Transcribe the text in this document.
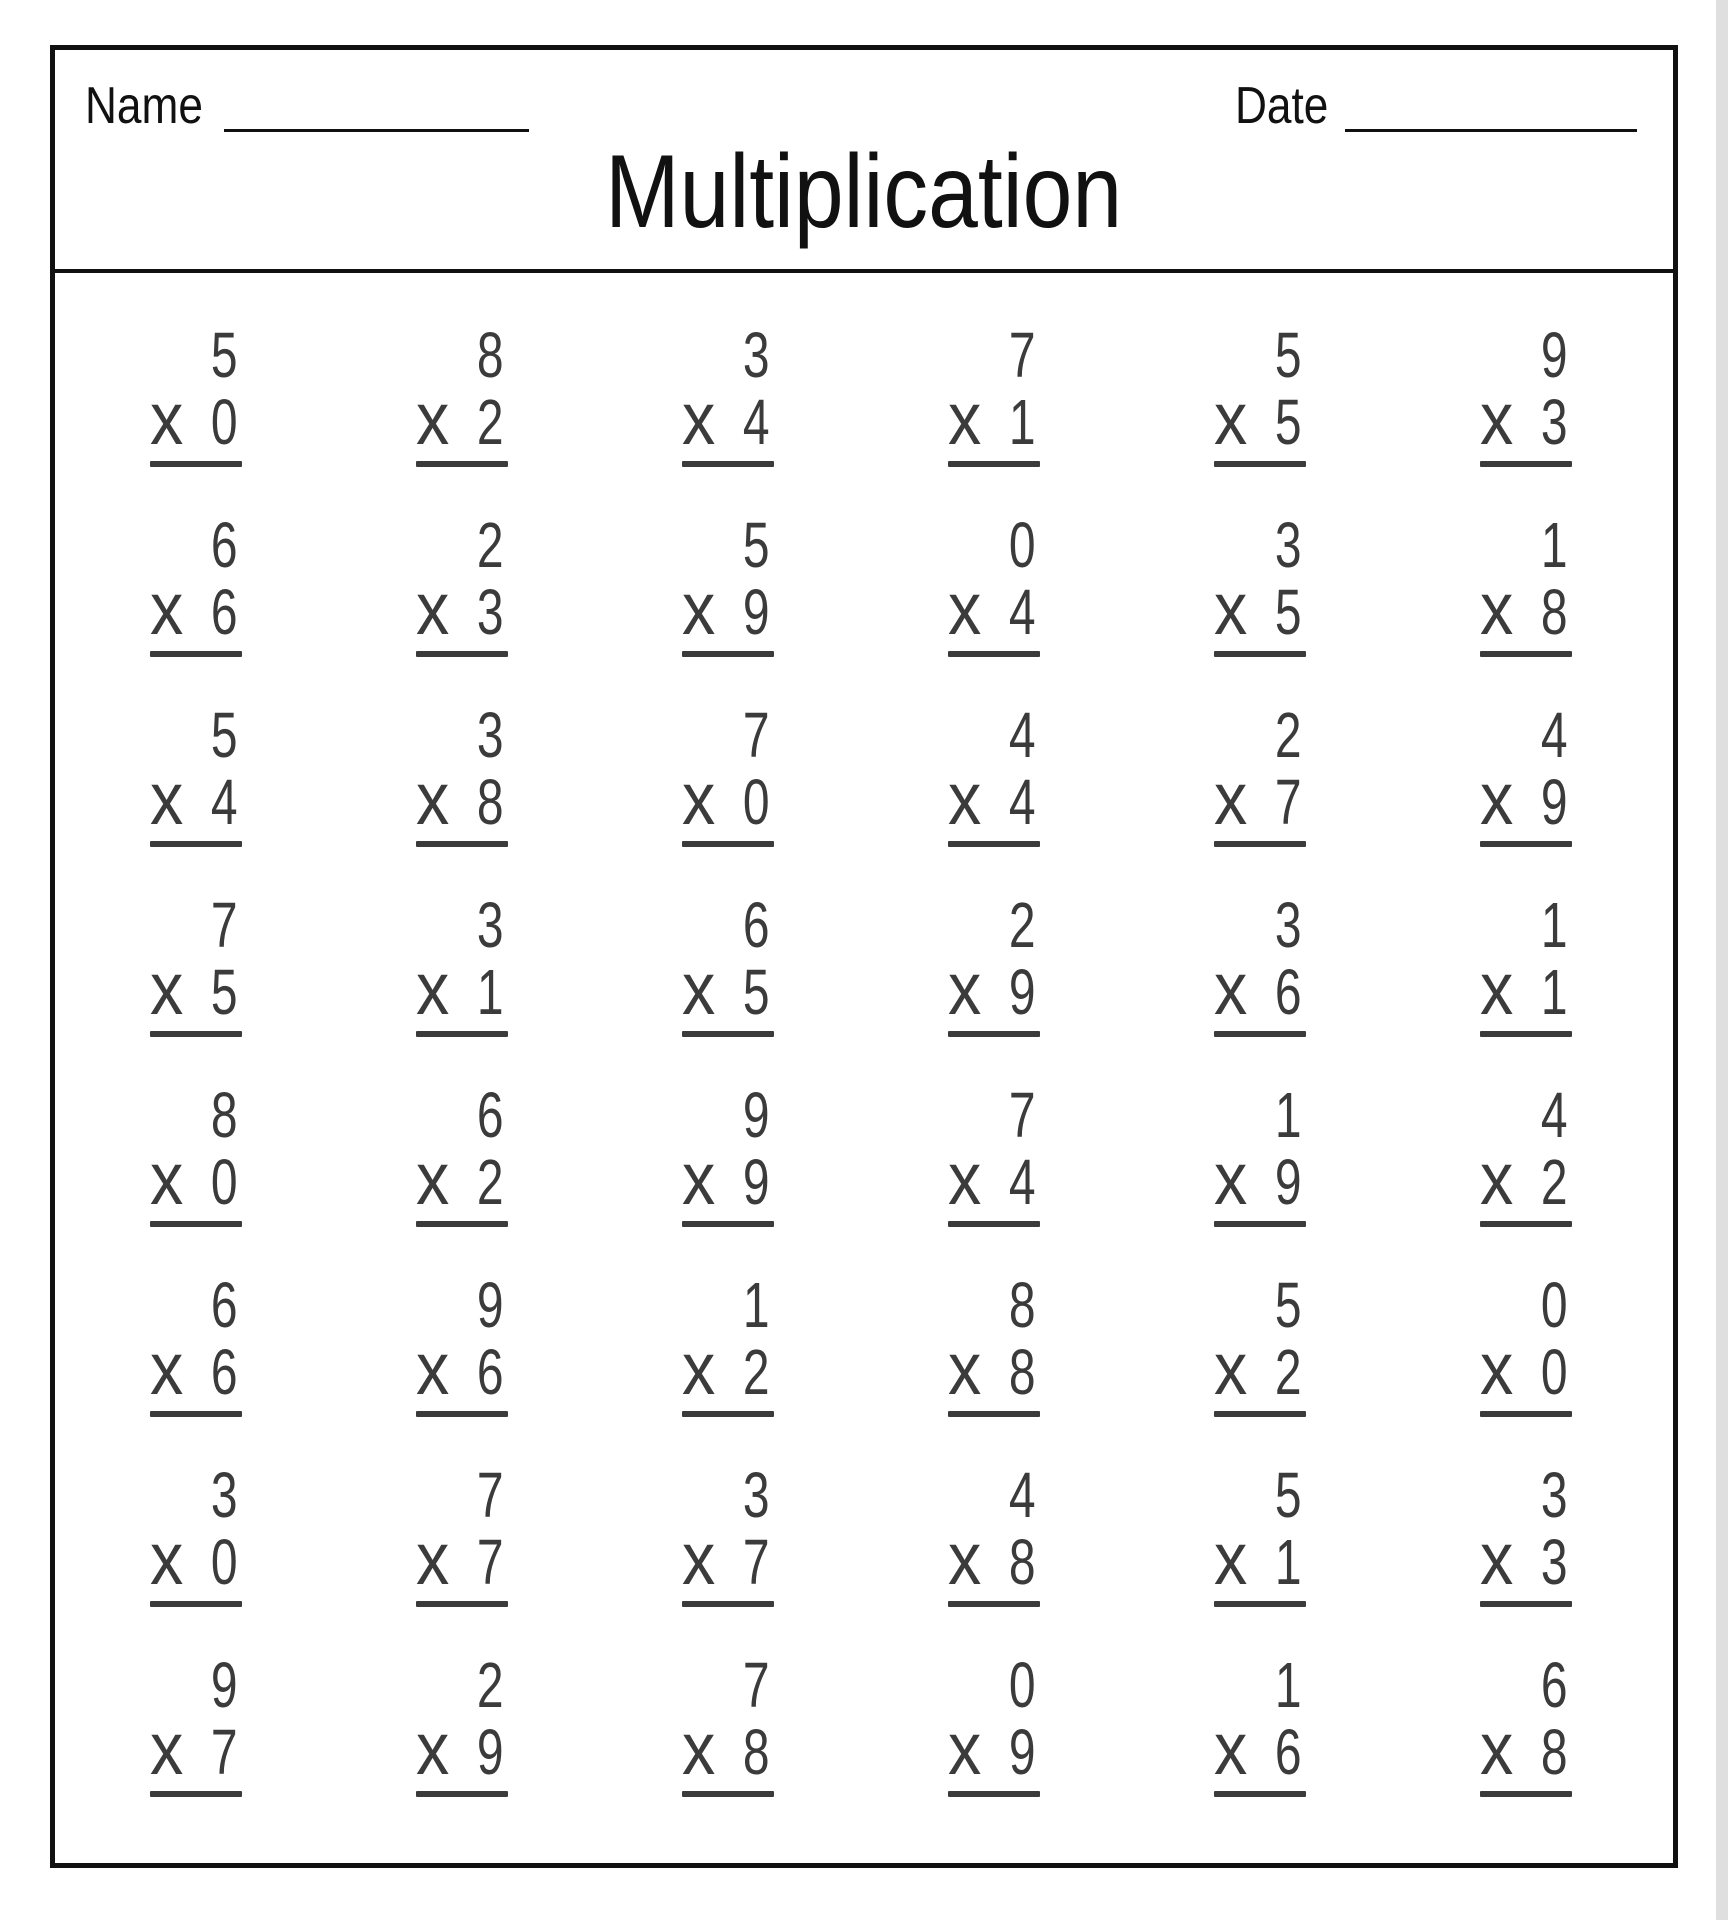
Name	Date
Multiplication
5
x 0
8
x 2
3
x 4
7
x 1
5
x 5
9
x 3
6
x 6
2
x 3
5
x 9
0
x 4
3
x 5
1
x 8
5
x 4
3
x 8
7
x 0
4
x 4
2
x 7
4
x 9
7
x 5
3
x 1
6
x 5
2
x 9
3
x 6
1
x 1
8
x 0
6
x 2
9
x 9
7
x 4
1
x 9
4
x 2
6
x 6
9
x 6
1
x 2
8
x 8
5
x 2
0
x 0
3
x 0
7
x 7
3
x 7
4
x 8
5
x 1
3
x 3
9
x 7
2
x 9
7
x 8
0
x 9
1
x 6
6
x 8
